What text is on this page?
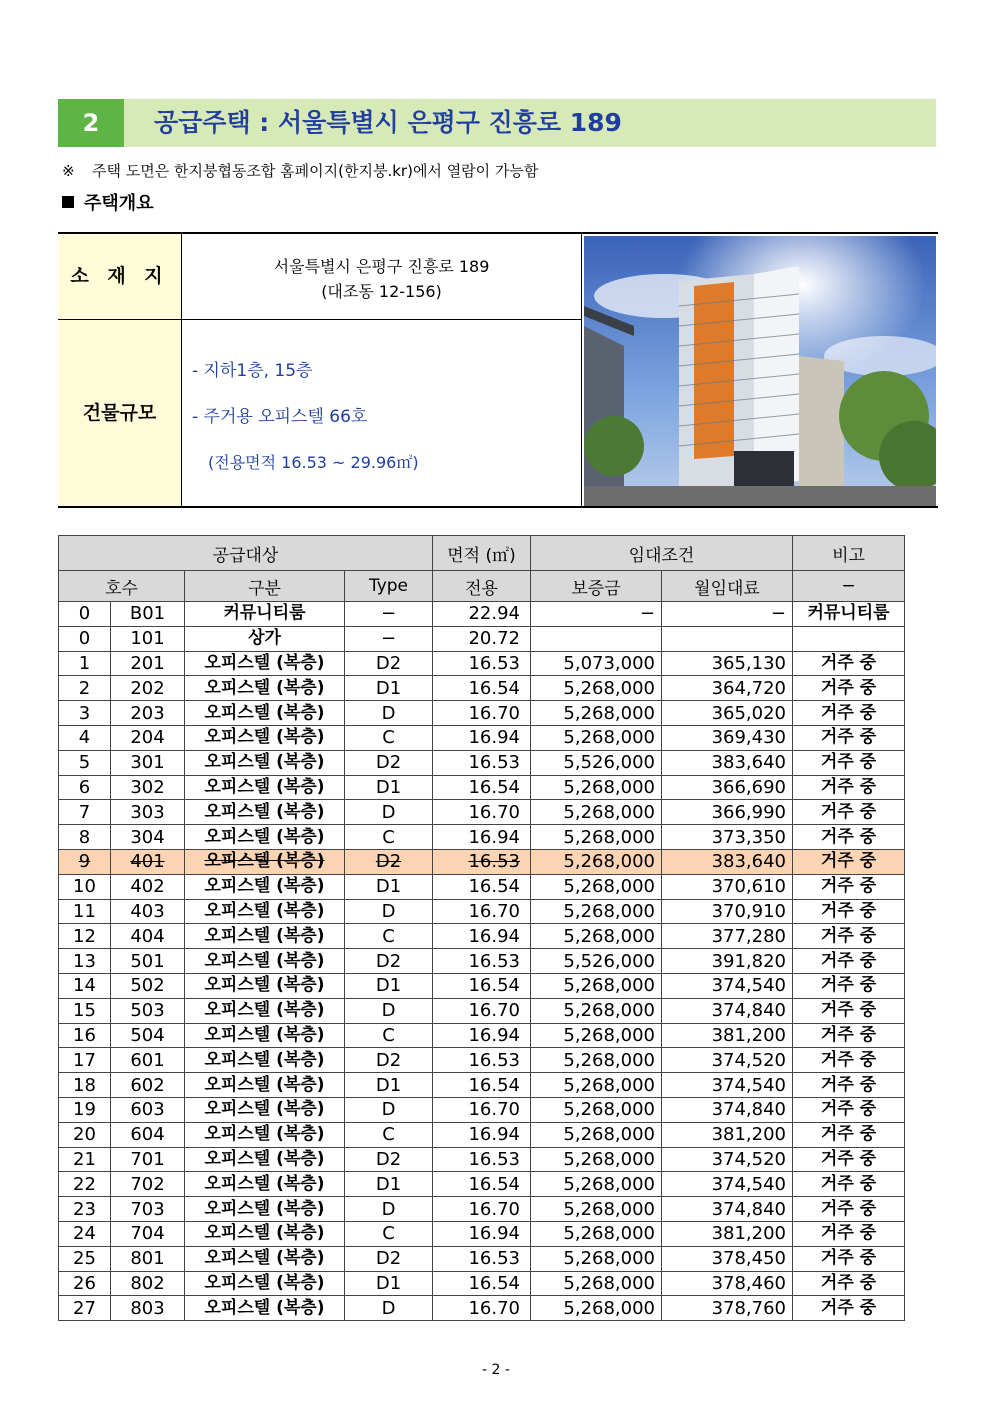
2	공급주택 : 서울특별시 은평구 진흥로 189
※ 주택 도면은 한지붕협동조합 홈페이지(한지붕.kr)에서 열람이 가능함
주택개요
소 재 지	서울특별시 은평구 진흥로 189
(대조동 12-156)
건물규모
- 지하1층, 15층
- 주거용 오피스텔 66호
(전용면적 16.53 ~ 29.96㎡)
공급대상				면적 (㎡)	임대조건		비고
호수		구분	Type	전용	보증금	월임대료	−
0	B01	커뮤니티룸	−	22.94	−	−	커뮤니티룸
0	101	상가	−	20.72			
1	201	오피스텔 (복층)	D2	16.53	5,073,000	365,130	거주 중
2	202	오피스텔 (복층)	D1	16.54	5,268,000	364,720	거주 중
3	203	오피스텔 (복층)	D	16.70	5,268,000	365,020	거주 중
4	204	오피스텔 (복층)	C	16.94	5,268,000	369,430	거주 중
5	301	오피스텔 (복층)	D2	16.53	5,526,000	383,640	거주 중
6	302	오피스텔 (복층)	D1	16.54	5,268,000	366,690	거주 중
7	303	오피스텔 (복층)	D	16.70	5,268,000	366,990	거주 중
8	304	오피스텔 (복층)	C	16.94	5,268,000	373,350	거주 중
9	401	오피스텔 (복층)	D2	16.53	5,268,000	383,640	거주 중
10	402	오피스텔 (복층)	D1	16.54	5,268,000	370,610	거주 중
11	403	오피스텔 (복층)	D	16.70	5,268,000	370,910	거주 중
12	404	오피스텔 (복층)	C	16.94	5,268,000	377,280	거주 중
13	501	오피스텔 (복층)	D2	16.53	5,526,000	391,820	거주 중
14	502	오피스텔 (복층)	D1	16.54	5,268,000	374,540	거주 중
15	503	오피스텔 (복층)	D	16.70	5,268,000	374,840	거주 중
16	504	오피스텔 (복층)	C	16.94	5,268,000	381,200	거주 중
17	601	오피스텔 (복층)	D2	16.53	5,268,000	374,520	거주 중
18	602	오피스텔 (복층)	D1	16.54	5,268,000	374,540	거주 중
19	603	오피스텔 (복층)	D	16.70	5,268,000	374,840	거주 중
20	604	오피스텔 (복층)	C	16.94	5,268,000	381,200	거주 중
21	701	오피스텔 (복층)	D2	16.53	5,268,000	374,520	거주 중
22	702	오피스텔 (복층)	D1	16.54	5,268,000	374,540	거주 중
23	703	오피스텔 (복층)	D	16.70	5,268,000	374,840	거주 중
24	704	오피스텔 (복층)	C	16.94	5,268,000	381,200	거주 중
25	801	오피스텔 (복층)	D2	16.53	5,268,000	378,450	거주 중
26	802	오피스텔 (복층)	D1	16.54	5,268,000	378,460	거주 중
27	803	오피스텔 (복층)	D	16.70	5,268,000	378,760	거주 중
- 2 -
